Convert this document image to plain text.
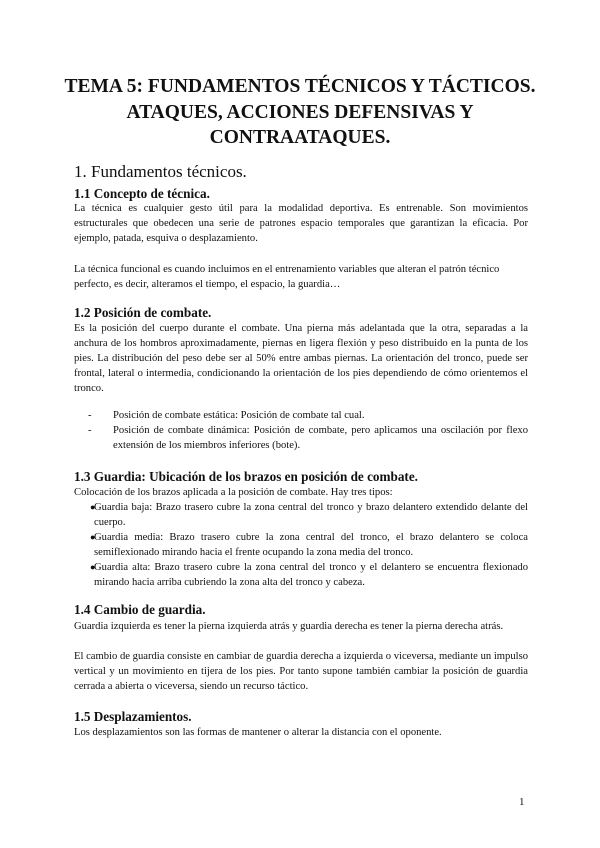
TEMA 5: FUNDAMENTOS TÉCNICOS Y TÁCTICOS.
ATAQUES, ACCIONES DEFENSIVAS Y
CONTRAATAQUES.
1. Fundamentos técnicos.
1.1 Concepto de técnica.

La técnica es cualquier gesto útil para la modalidad deportiva. Es entrenable. Son movimientos estructurales que obedecen una serie de patrones espacio temporales que garantizan la eficacia. Por ejemplo, patada, esquiva o desplazamiento.

La técnica funcional es cuando incluimos en el entrenamiento variables que alteran el patrón técnico perfecto, es decir, alteramos el tiempo, el espacio, la guardia…

1.2 Posición de combate.

Es la posición del cuerpo durante el combate. Una pierna más adelantada que la otra, separadas a la anchura de los hombros aproximadamente, piernas en ligera flexión y peso distribuido en la punta de los pies. La distribución del peso debe ser al 50% entre ambas piernas. La orientación del tronco, puede ser frontal, lateral o intermedia, condicionando la orientación de los pies dependiendo de cómo orientemos el tronco.

-	Posición de combate estática: Posición de combate tal cual.
-	Posición de combate dinámica: Posición de combate, pero aplicamos una oscilación por flexo extensión de los miembros inferiores (bote).
1.3 Guardia: Ubicación de los brazos en posición de combate.

Colocación de los brazos aplicada a la posición de combate. Hay tres tipos:

●
Guardia baja: Brazo trasero cubre la zona central del tronco y brazo delantero extendido delante del cuerpo.
●
Guardia media: Brazo trasero cubre la zona central del tronco, el brazo delantero se coloca semiflexionado mirando hacia el frente ocupando la zona media del tronco.
●
Guardia alta: Brazo trasero cubre la zona central del tronco y el delantero se encuentra flexionado mirando hacia arriba cubriendo la zona alta del tronco y cabeza.
1.4 Cambio de guardia.

Guardia izquierda es tener la pierna izquierda atrás y guardia derecha es tener la pierna derecha atrás.

El cambio de guardia consiste en cambiar de guardia derecha a izquierda o viceversa, mediante un impulso vertical y un movimiento en tijera de los pies. Por tanto supone también cambiar la posición de guardia cerrada a abierta o viceversa, siendo un recurso táctico.

1.5 Desplazamientos.

Los desplazamientos son las formas de mantener o alterar la distancia con el oponente.

1
